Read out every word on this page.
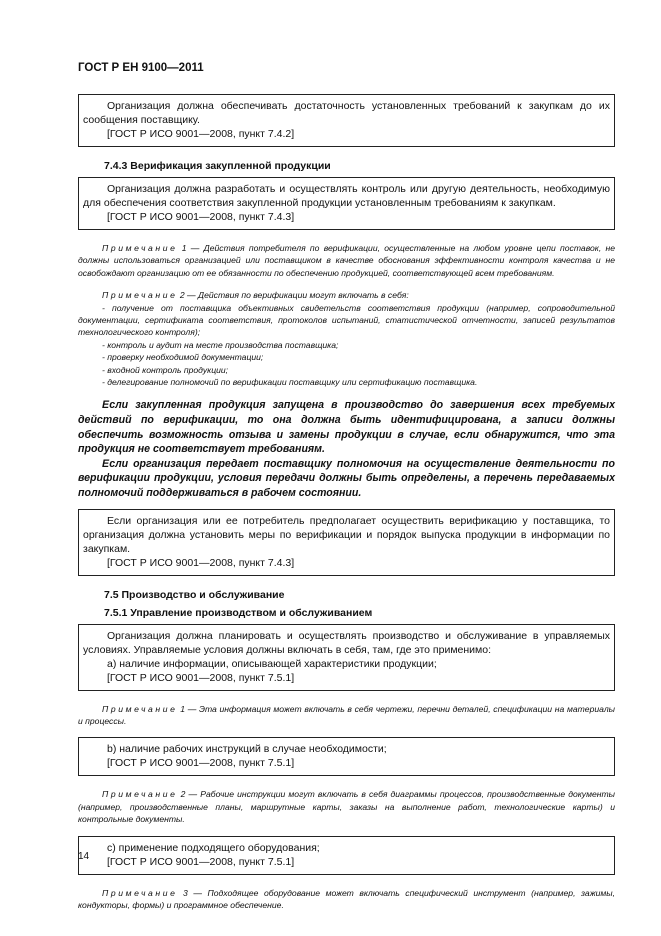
ГОСТ Р ЕН 9100—2011

Организация должна обеспечивать достаточность установленных требований к закупкам до их сообщения поставщику.

[ГОСТ Р ИСО 9001—2008, пункт 7.4.2]

7.4.3 Верификация закупленной продукции

Организация должна разработать и осуществлять контроль или другую деятельность, необходимую для обеспечения соответствия закупленной продукции установленным требованиям к закупкам.

[ГОСТ Р ИСО 9001—2008, пункт 7.4.3]

Примечание 1 — Действия потребителя по верификации, осуществленные на любом уровне цепи поставок, не должны использоваться организацией или поставщиком в качестве обоснования эффективности контроля качества и не освобождают организацию от ее обязанности по обеспечению продукцией, соответствующей всем требованиям.

Примечание 2 — Действия по верификации могут включать в себя:

- получение от поставщика объективных свидетельств соответствия продукции (например, сопроводительной документации, сертификата соответствия, протоколов испытаний, статистической отчетности, записей результатов технологического контроля);

- контроль и аудит на месте производства поставщика;

- проверку необходимой документации;

- входной контроль продукции;

- делегирование полномочий по верификации поставщику или сертификацию поставщика.

Если закупленная продукция запущена в производство до завершения всех требуемых действий по верификации, то она должна быть идентифицирована, а записи должны обеспечить возможность отзыва и замены продукции в случае, если обнаружится, что эта продукция не соответствует требованиям.

Если организация передает поставщику полномочия на осуществление деятельности по верификации продукции, условия передачи должны быть определены, а перечень передаваемых полномочий поддерживаться в рабочем состоянии.

Если организация или ее потребитель предполагает осуществить верификацию у поставщика, то организация должна установить меры по верификации и порядок выпуска продукции в информации по закупкам.

[ГОСТ Р ИСО 9001—2008, пункт 7.4.3]

7.5 Производство и обслуживание
7.5.1 Управление производством и обслуживанием

Организация должна планировать и осуществлять производство и обслуживание в управляемых условиях. Управляемые условия должны включать в себя, там, где это применимо:

а) наличие информации, описывающей характеристики продукции;

[ГОСТ Р ИСО 9001—2008, пункт 7.5.1]

Примечание 1 — Эта информация может включать в себя чертежи, перечни деталей, спецификации на материалы и процессы.

b) наличие рабочих инструкций в случае необходимости;

[ГОСТ Р ИСО 9001—2008, пункт 7.5.1]

Примечание 2 — Рабочие инструкции могут включать в себя диаграммы процессов, производственные документы (например, производственные планы, маршрутные карты, заказы на выполнение работ, технологические карты) и контрольные документы.

с) применение подходящего оборудования;

[ГОСТ Р ИСО 9001—2008, пункт 7.5.1]

Примечание 3 — Подходящее оборудование может включать специфический инструмент (например, зажимы, кондукторы, формы) и программное обеспечение.

14
